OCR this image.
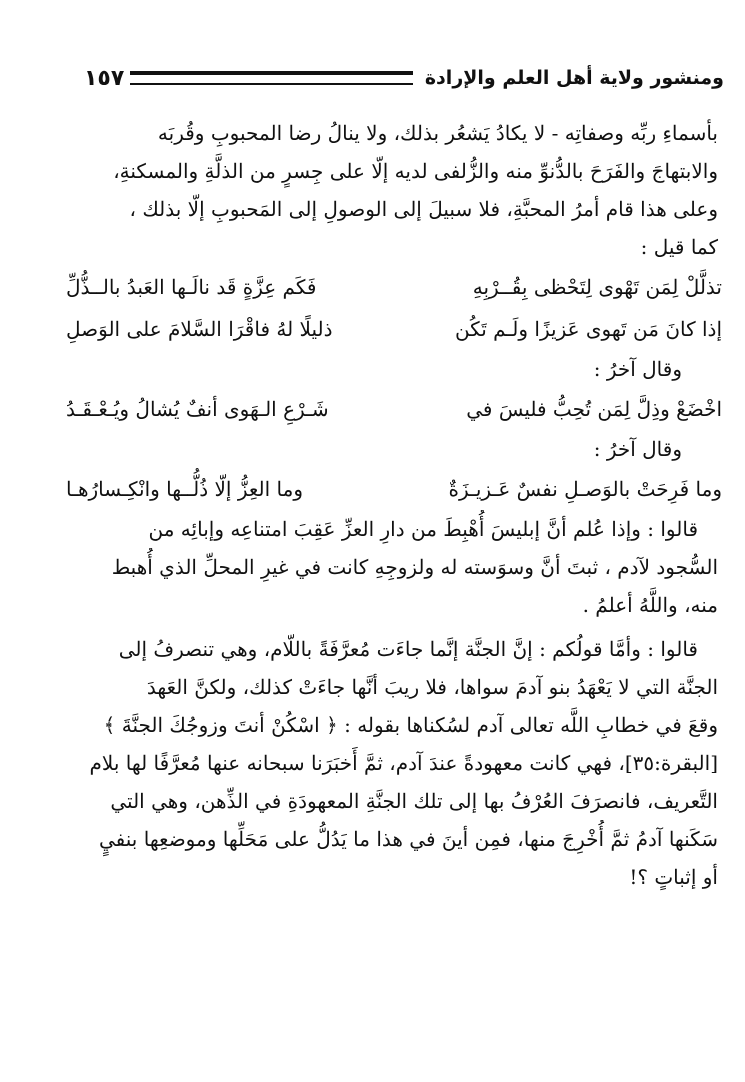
ومنشور ولاية أهل العلم والإرادة
١٥٧
بأسماءِ ربِّه وصفاتِه - لا يكادُ يَشعُر بذلك، ولا ينالُ رضا المحبوبِ وقُربَه
والابتهاجَ والفَرَحَ بالدُّنوِّ منه والزُّلفى لديه إلّا على جِسرٍ من الذلَّةِ والمسكنةِ،
وعلى هذا قام أمرُ المحبَّةِ، فلا سبيلَ إلى الوصولِ إلى المَحبوبِ إلّا بذلك ،
كما قيل :
تذلَّلْ لِمَن تَهْوى لِتَحْظى بِقُــرْبِهِ
فَكَم عِزَّةٍ قَد نالَـها العَبدُ بالــذُّلِّ
إذا كانَ مَن تَهوى عَزيزًا ولَـم تَكُن
ذليلًا لهُ فاقْرَا السَّلامَ على الوَصلِ
وقال آخرُ :
اخْضَعْ وذِلَّ لِمَن تُحِبُّ فليسَ في
شَـرْعِ الـهَوى أنفٌ يُشالُ ويُـعْـقَـدُ
وقال آخرُ :
وما فَرِحَتْ بالوَصـلِ نفسٌ عَـزيـزَةٌ
وما العِزُّ إلّا ذُلُّــها وانْكِـسارُهـا
قالوا : وإذا عُلم أنَّ إبليسَ أُهْبِطَ من دارِ العزِّ عَقِبَ امتناعِه وإبائِه من
السُّجود لآدم ، ثبتَ أنَّ وسوَسته له ولزوجِهِ كانت في غيرِ المحلِّ الذي أُهبط
منه، واللَّهُ أعلمُ .
قالوا : وأمَّا قولُكم : إنَّ الجنَّة إنَّما جاءَت مُعرَّفَةً باللّام، وهي تنصرفُ إلى
الجنَّة التي لا يَعْهَدُ بنو آدمَ سواها، فلا ريبَ أنَّها جاءَتْ كذلك، ولكنَّ العَهدَ
وقعَ في خطابِ اللَّه تعالى آدم لسُكناها بقوله : ﴿ اسْكُنْ أنتَ وزوجُكَ الجنَّةَ ﴾
[البقرة:٣٥]، فهي كانت معهودةً عندَ آدم، ثمَّ أَخبَرَنا سبحانه عنها مُعرَّفًا لها بلام
التَّعريف، فانصرَفَ العُرْفُ بها إلى تلك الجنَّةِ المعهودَةِ في الذِّهن، وهي التي
سَكَنها آدمُ ثمَّ أُخْرِجَ منها، فمِن أينَ في هذا ما يَدُلُّ على مَحَلِّها وموضعِها بنفيٍ
أو إثباتٍ ؟!
